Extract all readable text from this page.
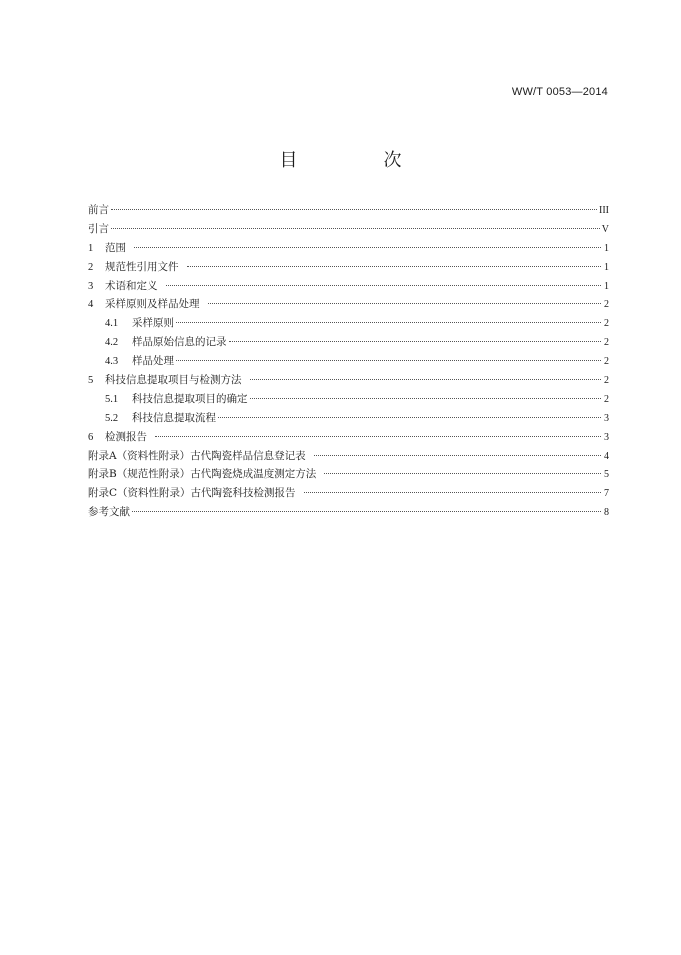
WW/T 0053—2014
目　次
前言	III
引言	V
1	范围	1
2	规范性引用文件	1
3	术语和定义	1
4	采样原则及样品处理	2
4.1	采样原则	2
4.2	样品原始信息的记录	2
4.3	样品处理	2
5	科技信息提取项目与检测方法	2
5.1	科技信息提取项目的确定	2
5.2	科技信息提取流程	3
6	检测报告	3
附录A（资料性附录）古代陶瓷样品信息登记表	4
附录B（规范性附录）古代陶瓷烧成温度测定方法	5
附录C（资料性附录）古代陶瓷科技检测报告	7
参考文献	8
